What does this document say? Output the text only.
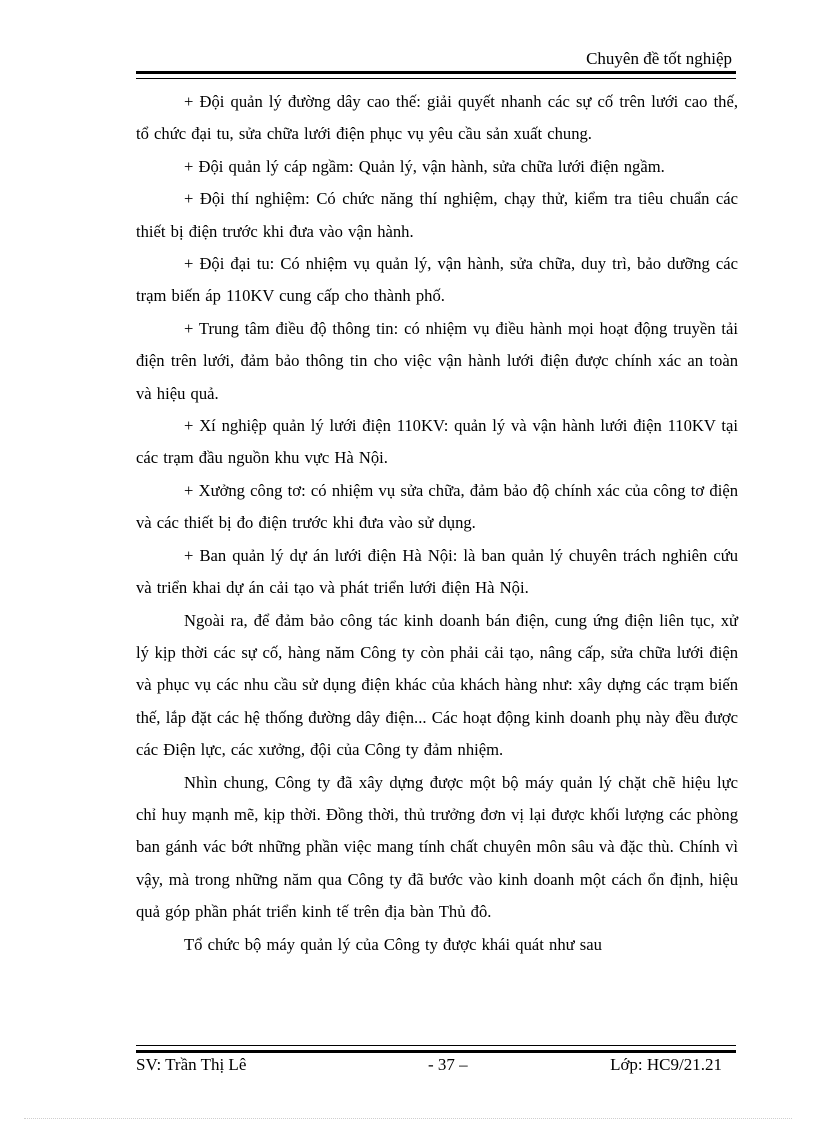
Chuyên đề tốt nghiệp

+ Đội quản lý đường dây cao thế: giải quyết nhanh các sự cố trên lưới cao thế, tổ chức đại tu, sửa chữa lưới điện phục vụ yêu cầu sản xuất chung.

+ Đội quản lý cáp ngầm: Quản lý, vận hành, sửa chữa lưới điện ngầm.

+ Đội thí nghiệm: Có chức năng thí nghiệm, chạy thử, kiểm tra tiêu chuẩn các thiết bị điện trước khi đưa vào vận hành.

+ Đội đại tu: Có nhiệm vụ quản lý, vận hành, sửa chữa, duy trì, bảo dưỡng các trạm biến áp 110KV cung cấp cho thành phố.

+ Trung tâm điều độ thông tin: có nhiệm vụ điều hành mọi hoạt động truyền tải điện trên lưới, đảm bảo thông tin cho việc vận hành lưới điện được chính xác an toàn và hiệu quả.

+ Xí nghiệp quản lý lưới điện 110KV: quản lý và vận hành lưới điện 110KV tại các trạm đầu nguồn khu vực Hà Nội.

+ Xưởng công tơ: có nhiệm vụ sửa chữa, đảm bảo độ chính xác của công tơ điện và các thiết bị đo điện trước khi đưa vào sử dụng.

+ Ban quản lý dự án lưới điện Hà Nội: là ban quản lý chuyên trách nghiên cứu và triển khai dự án cải tạo và phát triển lưới điện Hà Nội.

Ngoài ra, để đảm bảo công tác kinh doanh bán điện, cung ứng điện liên tục, xử lý kịp thời các sự cố, hàng năm Công ty còn phải cải tạo, nâng cấp, sửa chữa lưới điện và phục vụ các nhu cầu sử dụng điện khác của khách hàng như: xây dựng các trạm biến thế, lắp đặt các hệ thống đường dây điện... Các hoạt động kinh doanh phụ này đều được các Điện lực, các xưởng, đội của Công ty đảm nhiệm.

Nhìn chung, Công ty đã xây dựng được một bộ máy quản lý chặt chẽ hiệu lực chỉ huy mạnh mẽ, kịp thời. Đồng thời, thủ trưởng đơn vị lại được khối lượng các phòng ban gánh vác bớt những phần việc mang tính chất chuyên môn sâu và đặc thù. Chính vì vậy, mà trong những năm qua Công ty đã bước vào kinh doanh một cách ổn định, hiệu quả góp phần phát triển kinh tế trên địa bàn Thủ đô.

Tổ chức bộ máy quản lý của Công ty được khái quát như sau

SV: Trần Thị Lê	- 37 –	Lớp: HC9/21.21
